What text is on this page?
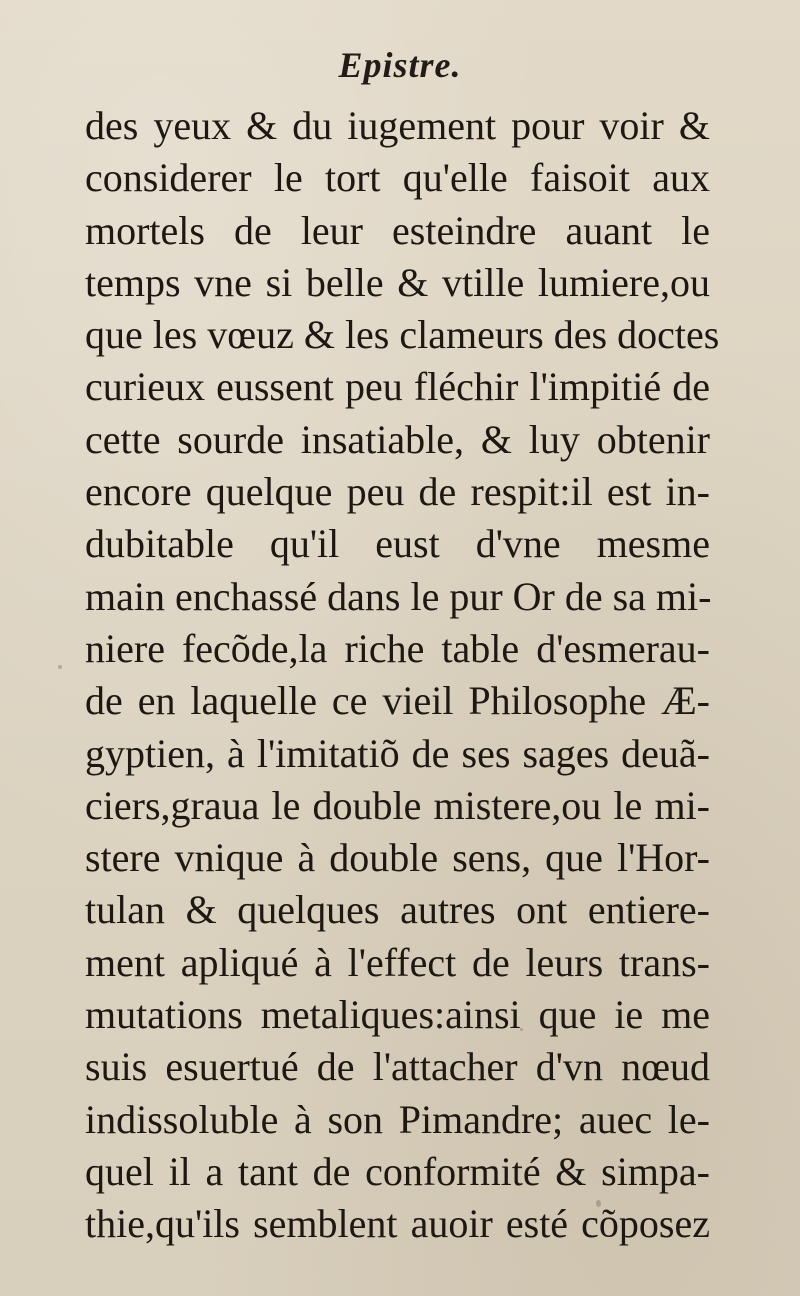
Epistre.
des yeux & du iugement pour voir &
considerer le tort qu'elle faisoit aux
mortels de leur esteindre auant le
temps vne si belle & vtille lumiere,ou
que les vœuz & les clameurs des doctes
curieux eussent peu fléchir l'impitié de
cette sourde insatiable, & luy obtenir
encore quelque peu de respit:il est in-
dubitable qu'il eust d'vne mesme
main enchassé dans le pur Or de sa mi-
niere fecõde,la riche table d'esmerau-
de en laquelle ce vieil Philosophe Æ-
gyptien, à l'imitatiõ de ses sages deuã-
ciers,graua le double mistere,ou le mi-
stere vnique à double sens, que l'Hor-
tulan & quelques autres ont entiere-
ment apliqué à l'effect de leurs trans-
mutations metaliques:ainsi que ie me
suis esuertué de l'attacher d'vn nœud
indissoluble à son Pimandre; auec le-
quel il a tant de conformité & simpa-
thie,qu'ils semblent auoir esté cõposez
